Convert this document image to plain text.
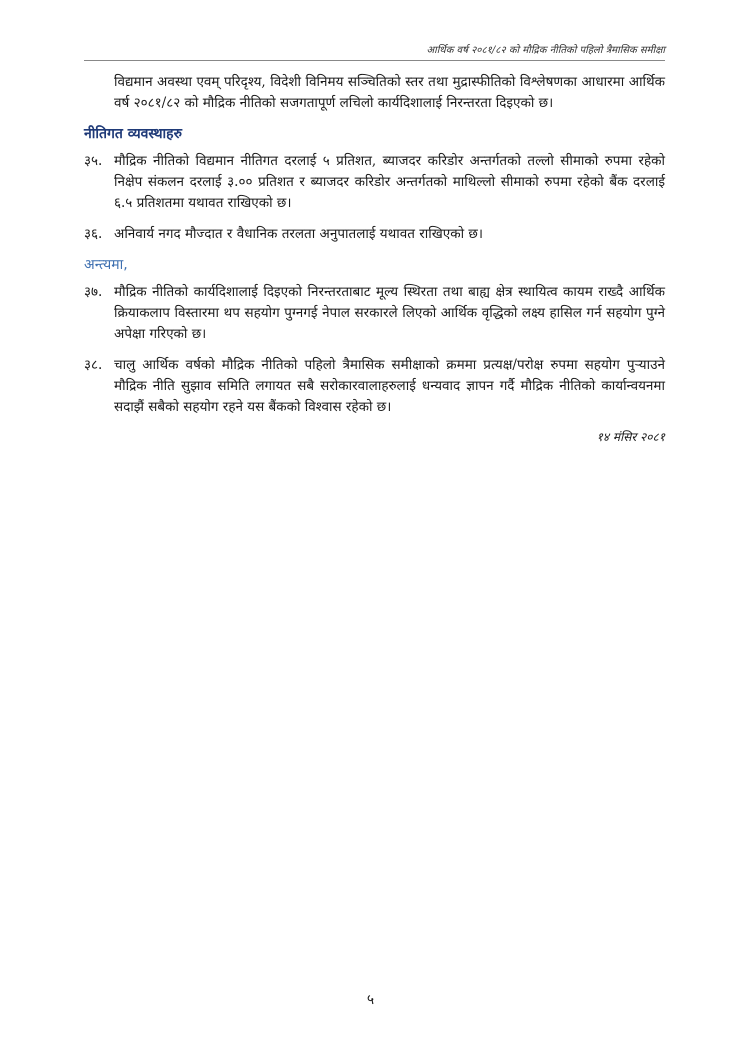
आर्थिक वर्ष २०८१/८२ को मौद्रिक नीतिको पहिलो त्रैमासिक समीक्षा

विद्यमान अवस्था एवम् परिदृश्य, विदेशी विनिमय सञ्चितिको स्तर तथा मुद्रास्फीतिको विश्लेषणका आधारमा आर्थिक वर्ष २०८१/८२ को मौद्रिक नीतिको सजगतापूर्ण लचिलो कार्यदिशालाई निरन्तरता दिइएको छ।

नीतिगत व्यवस्थाहरु
३५. मौद्रिक नीतिको विद्यमान नीतिगत दरलाई ५ प्रतिशत, ब्याजदर करिडोर अन्तर्गतको तल्लो सीमाको रुपमा रहेको निक्षेप संकलन दरलाई ३.०० प्रतिशत र ब्याजदर करिडोर अन्तर्गतको माथिल्लो सीमाको रुपमा रहेको बैंक दरलाई ६.५ प्रतिशतमा यथावत राखिएको छ।
३६. अनिवार्य नगद मौज्दात र वैधानिक तरलता अनुपातलाई यथावत राखिएको छ।
अन्त्यमा,
३७. मौद्रिक नीतिको कार्यदिशालाई दिइएको निरन्तरताबाट मूल्य स्थिरता तथा बाह्य क्षेत्र स्थायित्व कायम राख्दै आर्थिक क्रियाकलाप विस्तारमा थप सहयोग पुग्नगई नेपाल सरकारले लिएको आर्थिक वृद्धिको लक्ष्य हासिल गर्न सहयोग पुग्ने अपेक्षा गरिएको छ।
३८. चालु आर्थिक वर्षको मौद्रिक नीतिको पहिलो त्रैमासिक समीक्षाको क्रममा प्रत्यक्ष/परोक्ष रुपमा सहयोग पुर्‍याउने मौद्रिक नीति सुझाव समिति लगायत सबै सरोकारवालाहरुलाई धन्यवाद ज्ञापन गर्दै मौद्रिक नीतिको कार्यान्वयनमा सदाझैं सबैको सहयोग रहने यस बैंकको विश्वास रहेको छ।
१४ मंसिर २०८१
५
